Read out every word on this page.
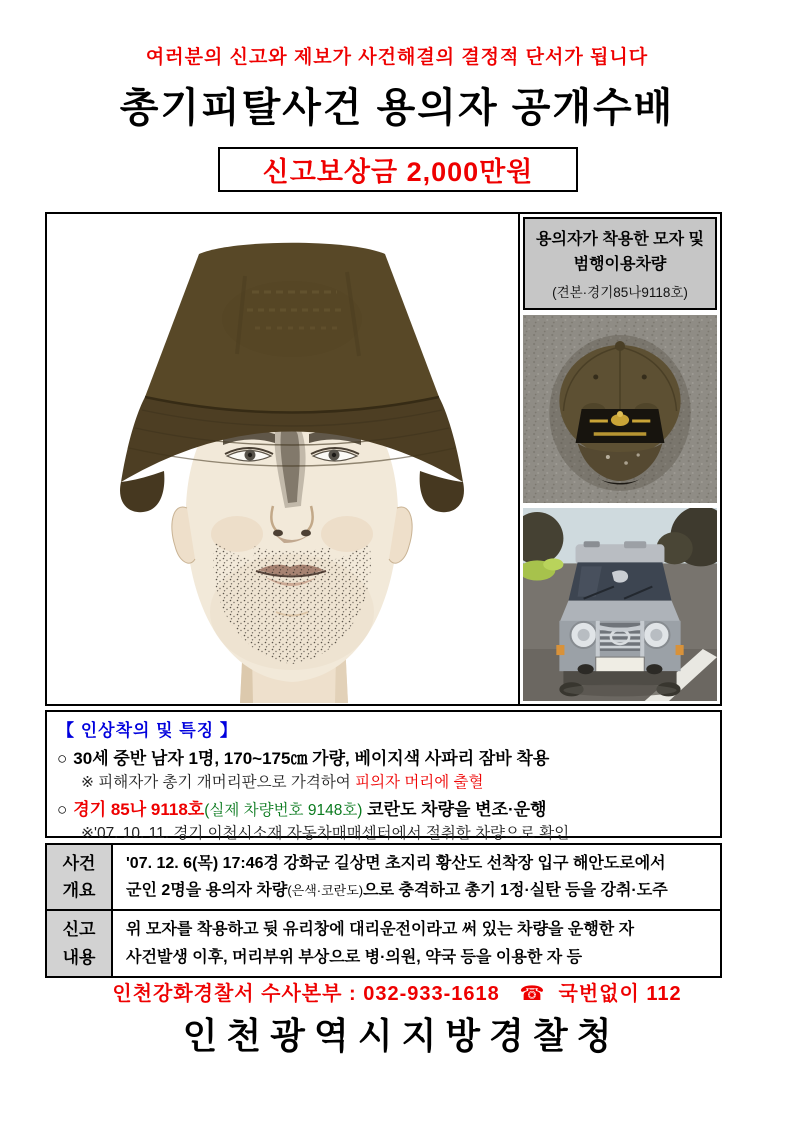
여러분의 신고와 제보가 사건해결의 결정적 단서가 됩니다
총기피탈사건 용의자 공개수배
신고보상금 2,000만원
용의자가 착용한 모자 및
범행이용차량
(견본·경기85나9118호)
【 인상착의 및 특징 】
○ 30세 중반 남자 1명, 170~175㎝ 가량, 베이지색 사파리 잠바 착용
※ 피해자가 총기 개머리판으로 가격하여 피의자 머리에 출혈
○ 경기 85나 9118호(실제 차량번호 9148호) 코란도 차량을 변조·운행
※'07. 10. 11. 경기 이천시소재 자동차매매센터에서 절취한 차량으로 확인
사건
개요

'07. 12. 6(목) 17:46경 강화군 길상면 초지리 황산도 선착장 입구 해안도로에서
군인 2명을 용의자 차량(은색·코란도)으로 충격하고 총기 1정·실탄 등을 강취·도주

신고
내용

위 모자를 착용하고 뒷 유리창에 대리운전이라고 써 있는 차량을 운행한 자
사건발생 이후, 머리부위 부상으로 병·의원, 약국 등을 이용한 자 등
인천강화경찰서 수사본부 : 032-933-1618 ☎ 국번없이 112
인천광역시지방경찰청
